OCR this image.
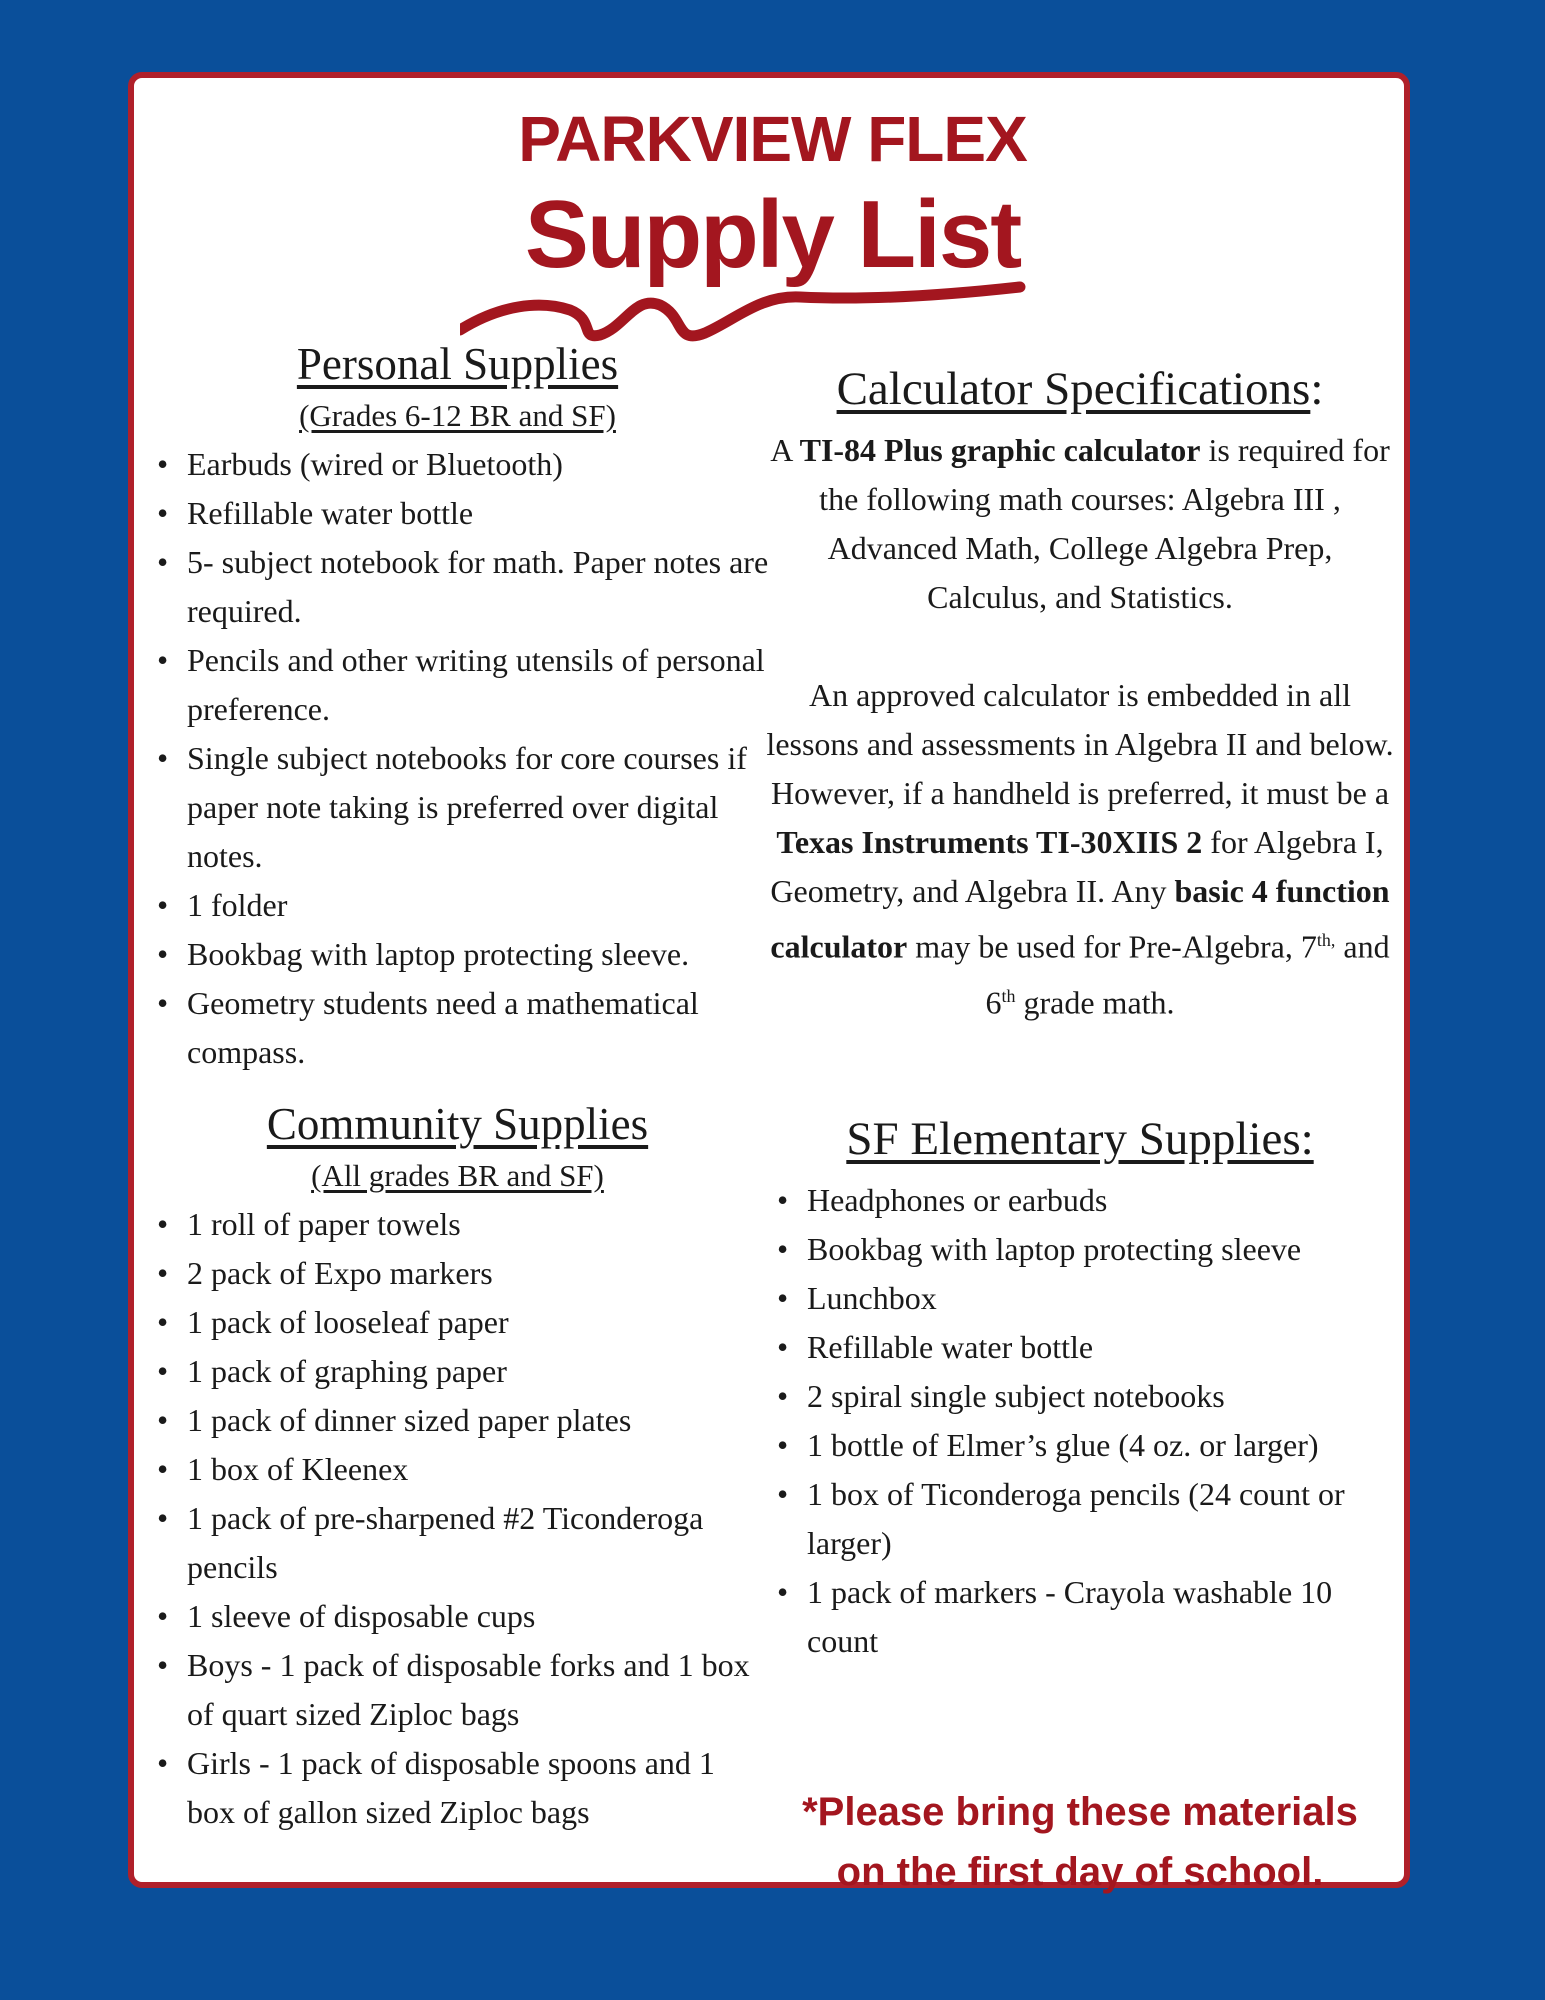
PARKVIEW FLEX
Supply List
Personal Supplies
(Grades 6-12 BR and SF)
• Earbuds (wired or Bluetooth)
• Refillable water bottle
• 5- subject notebook for math. Paper notes are required.
• Pencils and other writing utensils of personal preference.
• Single subject notebooks for core courses if paper note taking is preferred over digital notes.
• 1 folder
• Bookbag with laptop protecting sleeve.
• Geometry students need a mathematical compass.
Community Supplies
(All grades BR and SF)
• 1 roll of paper towels
• 2 pack of Expo markers
• 1 pack of looseleaf paper
• 1 pack of graphing paper
• 1 pack of dinner sized paper plates
• 1 box of Kleenex
• 1 pack of pre-sharpened #2 Ticonderoga pencils
• 1 sleeve of disposable cups
• Boys - 1 pack of disposable forks and 1 box of quart sized Ziploc bags
• Girls - 1 pack of disposable spoons and 1 box of gallon sized Ziploc bags
Calculator Specifications:
A TI-84 Plus graphic calculator is required for the following math courses: Algebra III , Advanced Math, College Algebra Prep, Calculus, and Statistics.
An approved calculator is embedded in all lessons and assessments in Algebra II and below. However, if a handheld is preferred, it must be a Texas Instruments TI-30XIIS 2 for Algebra I, Geometry, and Algebra II. Any basic 4 function calculator may be used for Pre-Algebra, $7^{th,}$ and 6th grade math.
SF Elementary Supplies:
• Headphones or earbuds
• Bookbag with laptop protecting sleeve
• Lunchbox
• Refillable water bottle
• 2 spiral single subject notebooks
• 1 bottle of Elmer’s glue (4 oz. or larger)
• 1 box of Ticonderoga pencils (24 count or larger)
• 1 pack of markers - Crayola washable 10 count
*Please bring these materials
on the first day of school.
